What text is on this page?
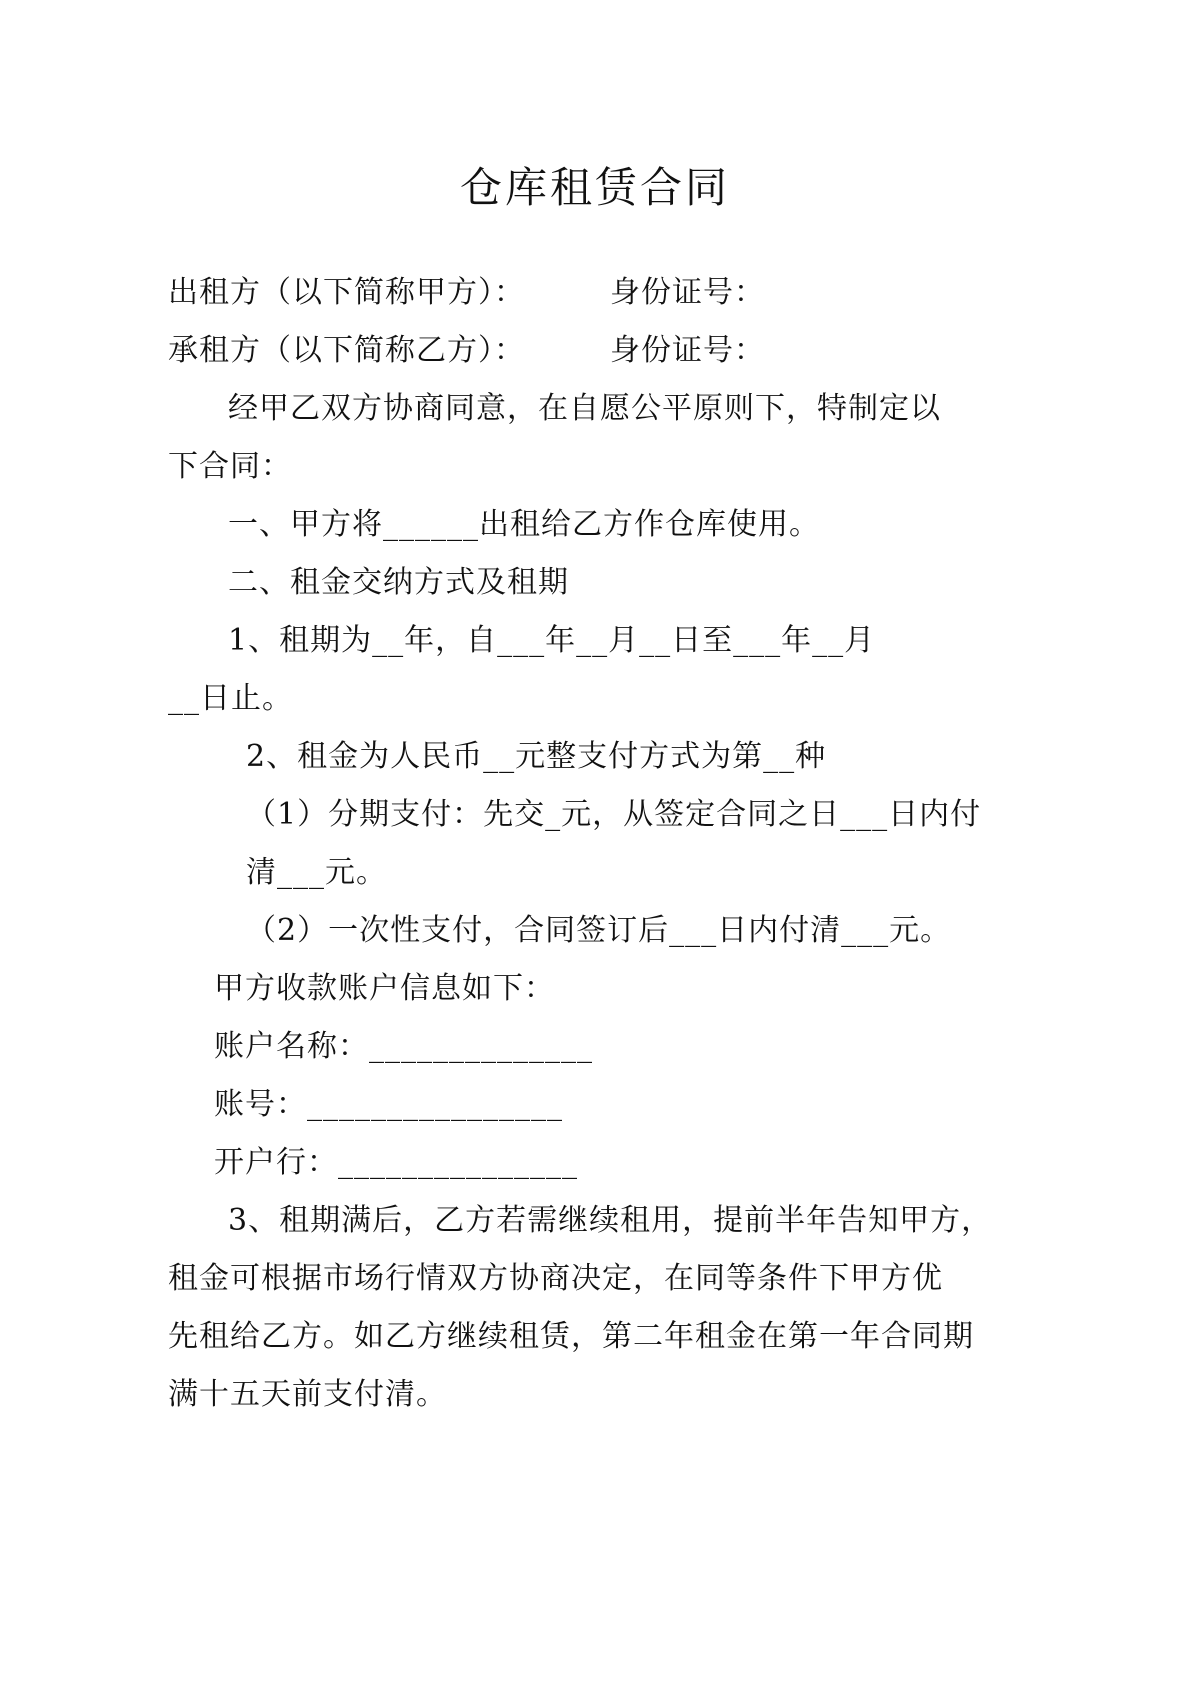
仓库租赁合同
出租方（以下简称甲方）：	身份证号：
承租方（以下简称乙方）：	身份证号：
经甲乙双方协商同意，在自愿公平原则下，特制定以
下合同：
一、甲方将______出租给乙方作仓库使用。
二、租金交纳方式及租期
1、租期为__年，自___年__月__日至___年__月
__日止。
2、租金为人民币__元整支付方式为第__种
（1）分期支付：先交_元，从签定合同之日___日内付
清___元。
（2）一次性支付，合同签订后___日内付清___元。
甲方收款账户信息如下：
账户名称：______________
账号：________________
开户行：_______________
3、租期满后，乙方若需继续租用，提前半年告知甲方，
租金可根据市场行情双方协商决定，在同等条件下甲方优
先租给乙方。如乙方继续租赁，第二年租金在第一年合同期
满十五天前支付清。
